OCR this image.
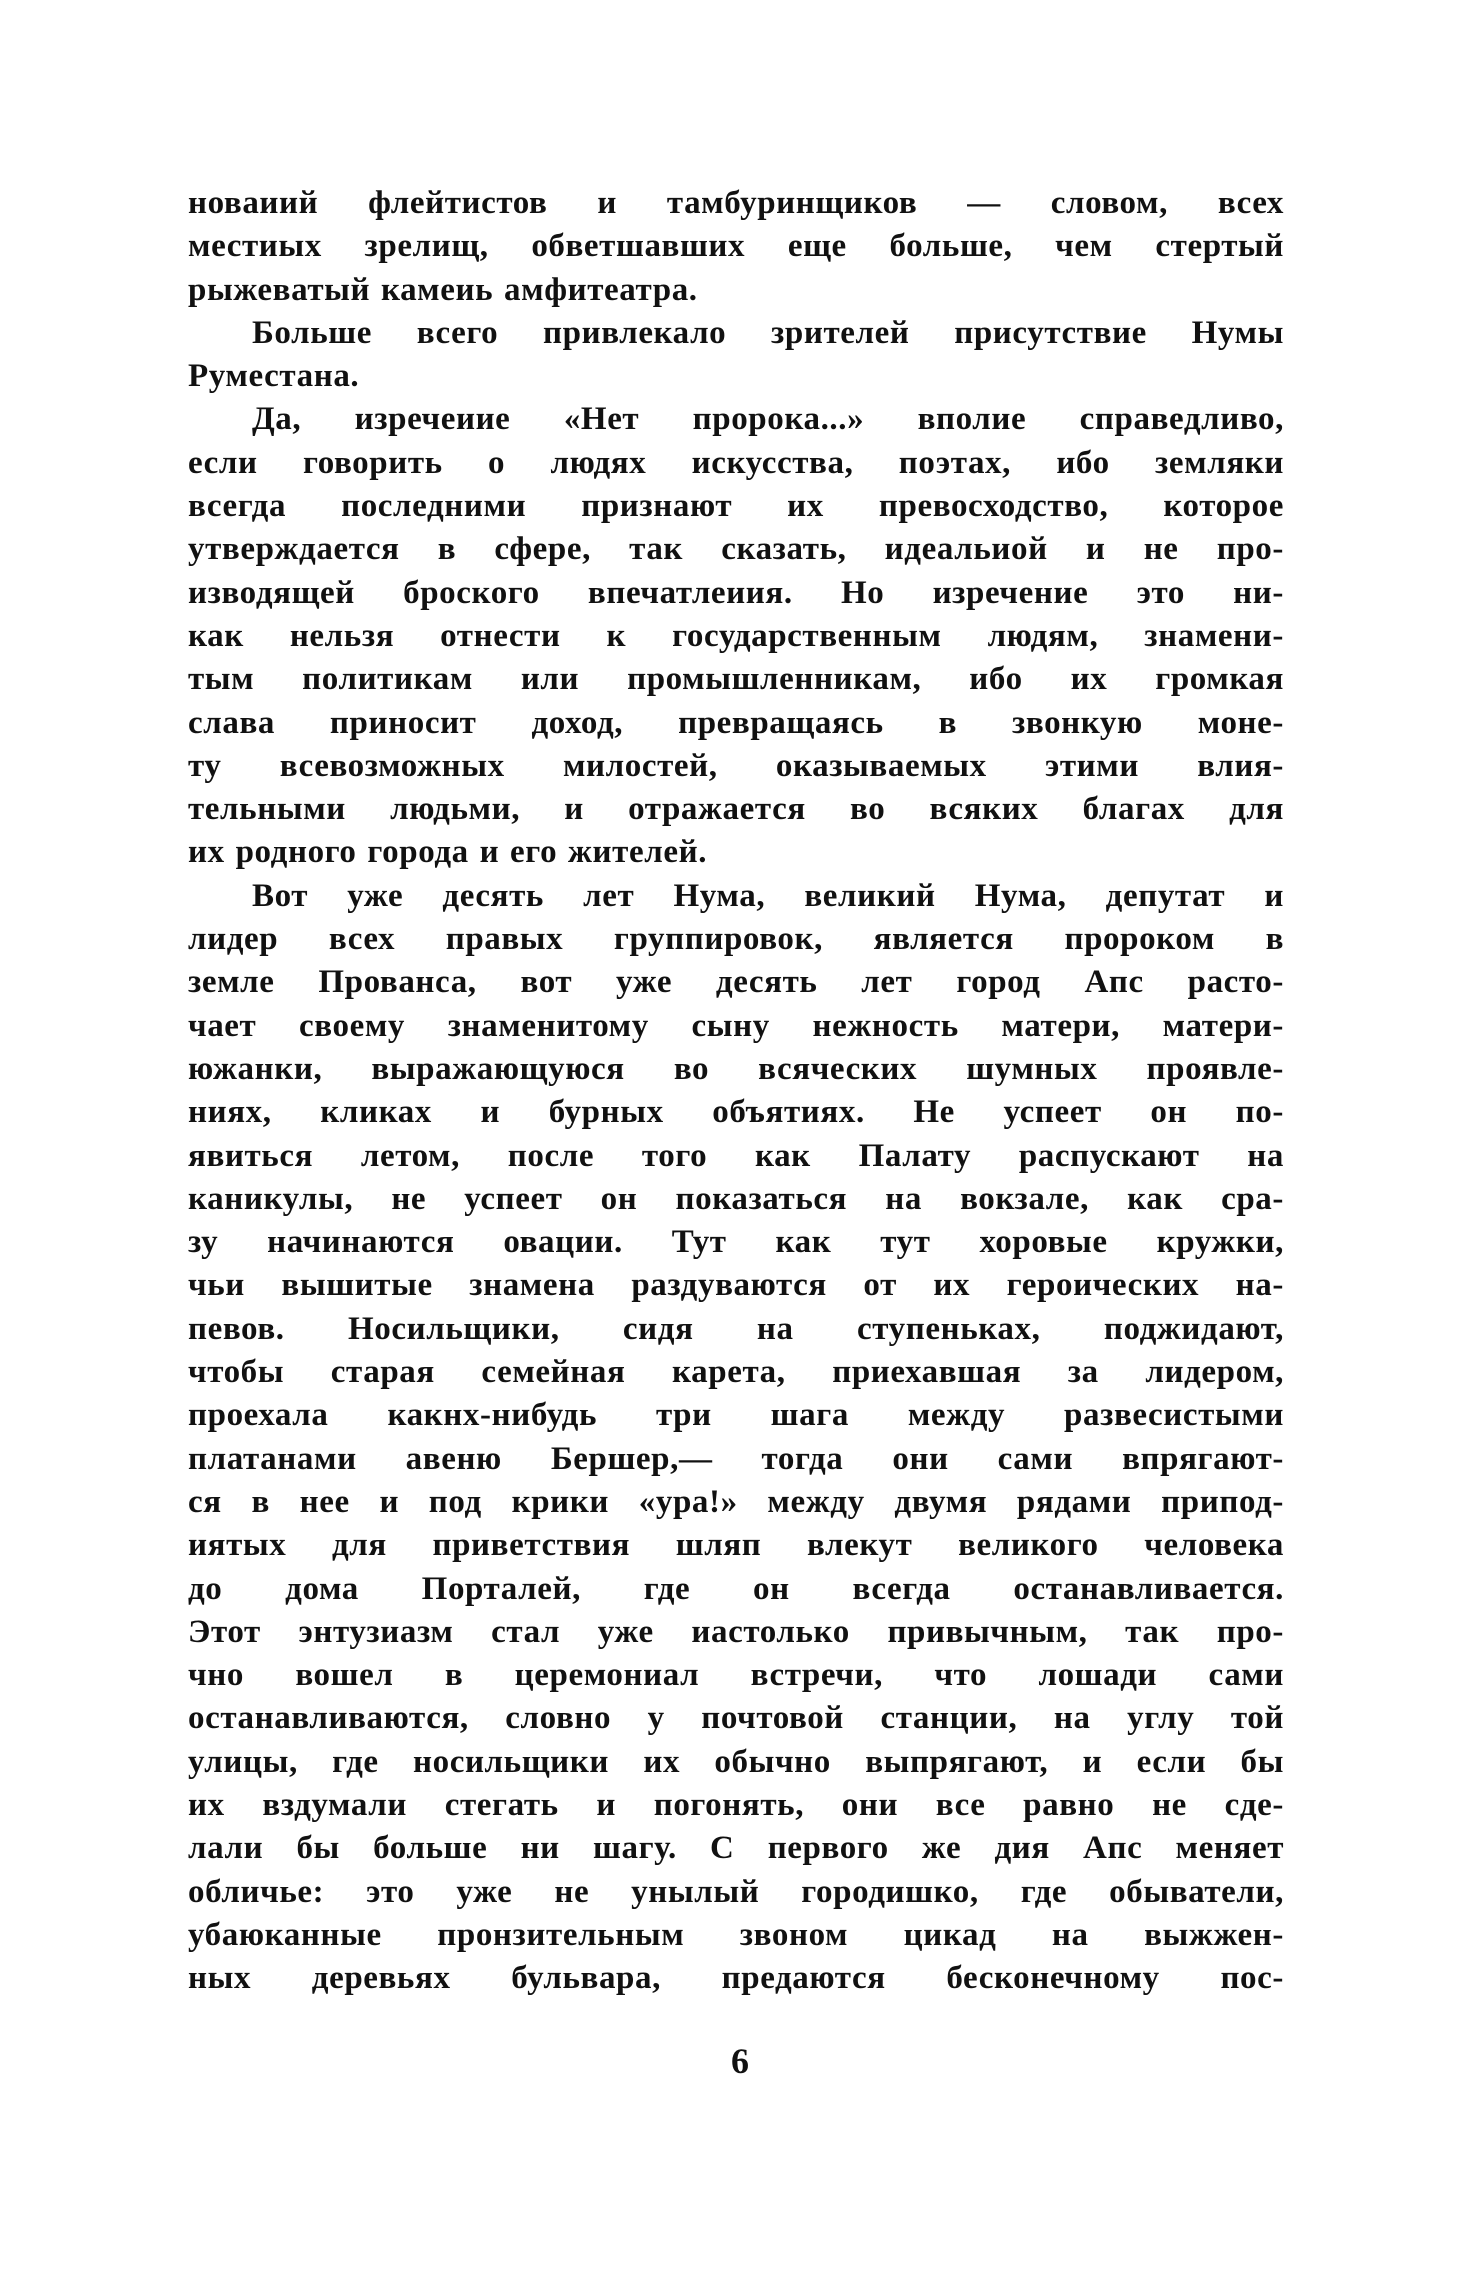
новаиий флейтистов и тамбуринщиков — словом, всех
местиых зрелищ, обветшавших еще больше, чем стертый
рыжеватый камеиь амфитеатра.
Больше всего привлекало зрителей присутствие Нумы
Руместана.
Да, изречеиие «Нет пророка...» вполие справедливо,
если говорить о людях искусства, поэтах, ибо земляки
всегда последними признают их превосходство, которое
утверждается в сфере, так сказать, идеальиой и не про-
изводящей броского впечатлеиия. Но изречение это ни-
как нельзя отнести к государственным людям, знамени-
тым политикам или промышленникам, ибо их громкая
слава приносит доход, превращаясь в звонкую моне-
ту всевозможных милостей, оказываемых этими влия-
тельными людьми, и отражается во всяких благах для
их родного города и его жителей.
Вот уже десять лет Нума, великий Нума, депутат и
лидер всех правых группировок, является пророком в
земле Прованса, вот уже десять лет город Апс расто-
чает своему знаменитому сыну нежность матери, матери-
южанки, выражающуюся во всяческих шумных проявле-
ниях, кликах и бурных объятиях. Не успеет он по-
явиться летом, после того как Палату распускают на
каникулы, не успеет он показаться на вокзале, как сра-
зу начинаются овации. Тут как тут хоровые кружки,
чьи вышитые знамена раздуваются от их героических на-
певов. Носильщики, сидя на ступеньках, поджидают,
чтобы старая семейная карета, приехавшая за лидером,
проехала какнх-нибудь три шага между развесистыми
платанами авеню Бершер,— тогда они сами впрягают-
ся в нее и под крики «ура!» между двумя рядами припод-
иятых для приветствия шляп влекут великого человека
до дома Порталей, где он всегда останавливается.
Этот энтузиазм стал уже иастолько привычным, так про-
чно вошел в церемониал встречи, что лошади сами
останавливаются, словно у почтовой станции, на углу той
улицы, где носильщики их обычно выпрягают, и если бы
их вздумали стегать и погонять, они все равно не сде-
лали бы больше ни шагу. С первого же дия Апс меняет
обличье: это уже не унылый городишко, где обыватели,
убаюканные пронзительным звоном цикад на выжжен-
ных деревьях бульвара, предаются бесконечному пос-
6
